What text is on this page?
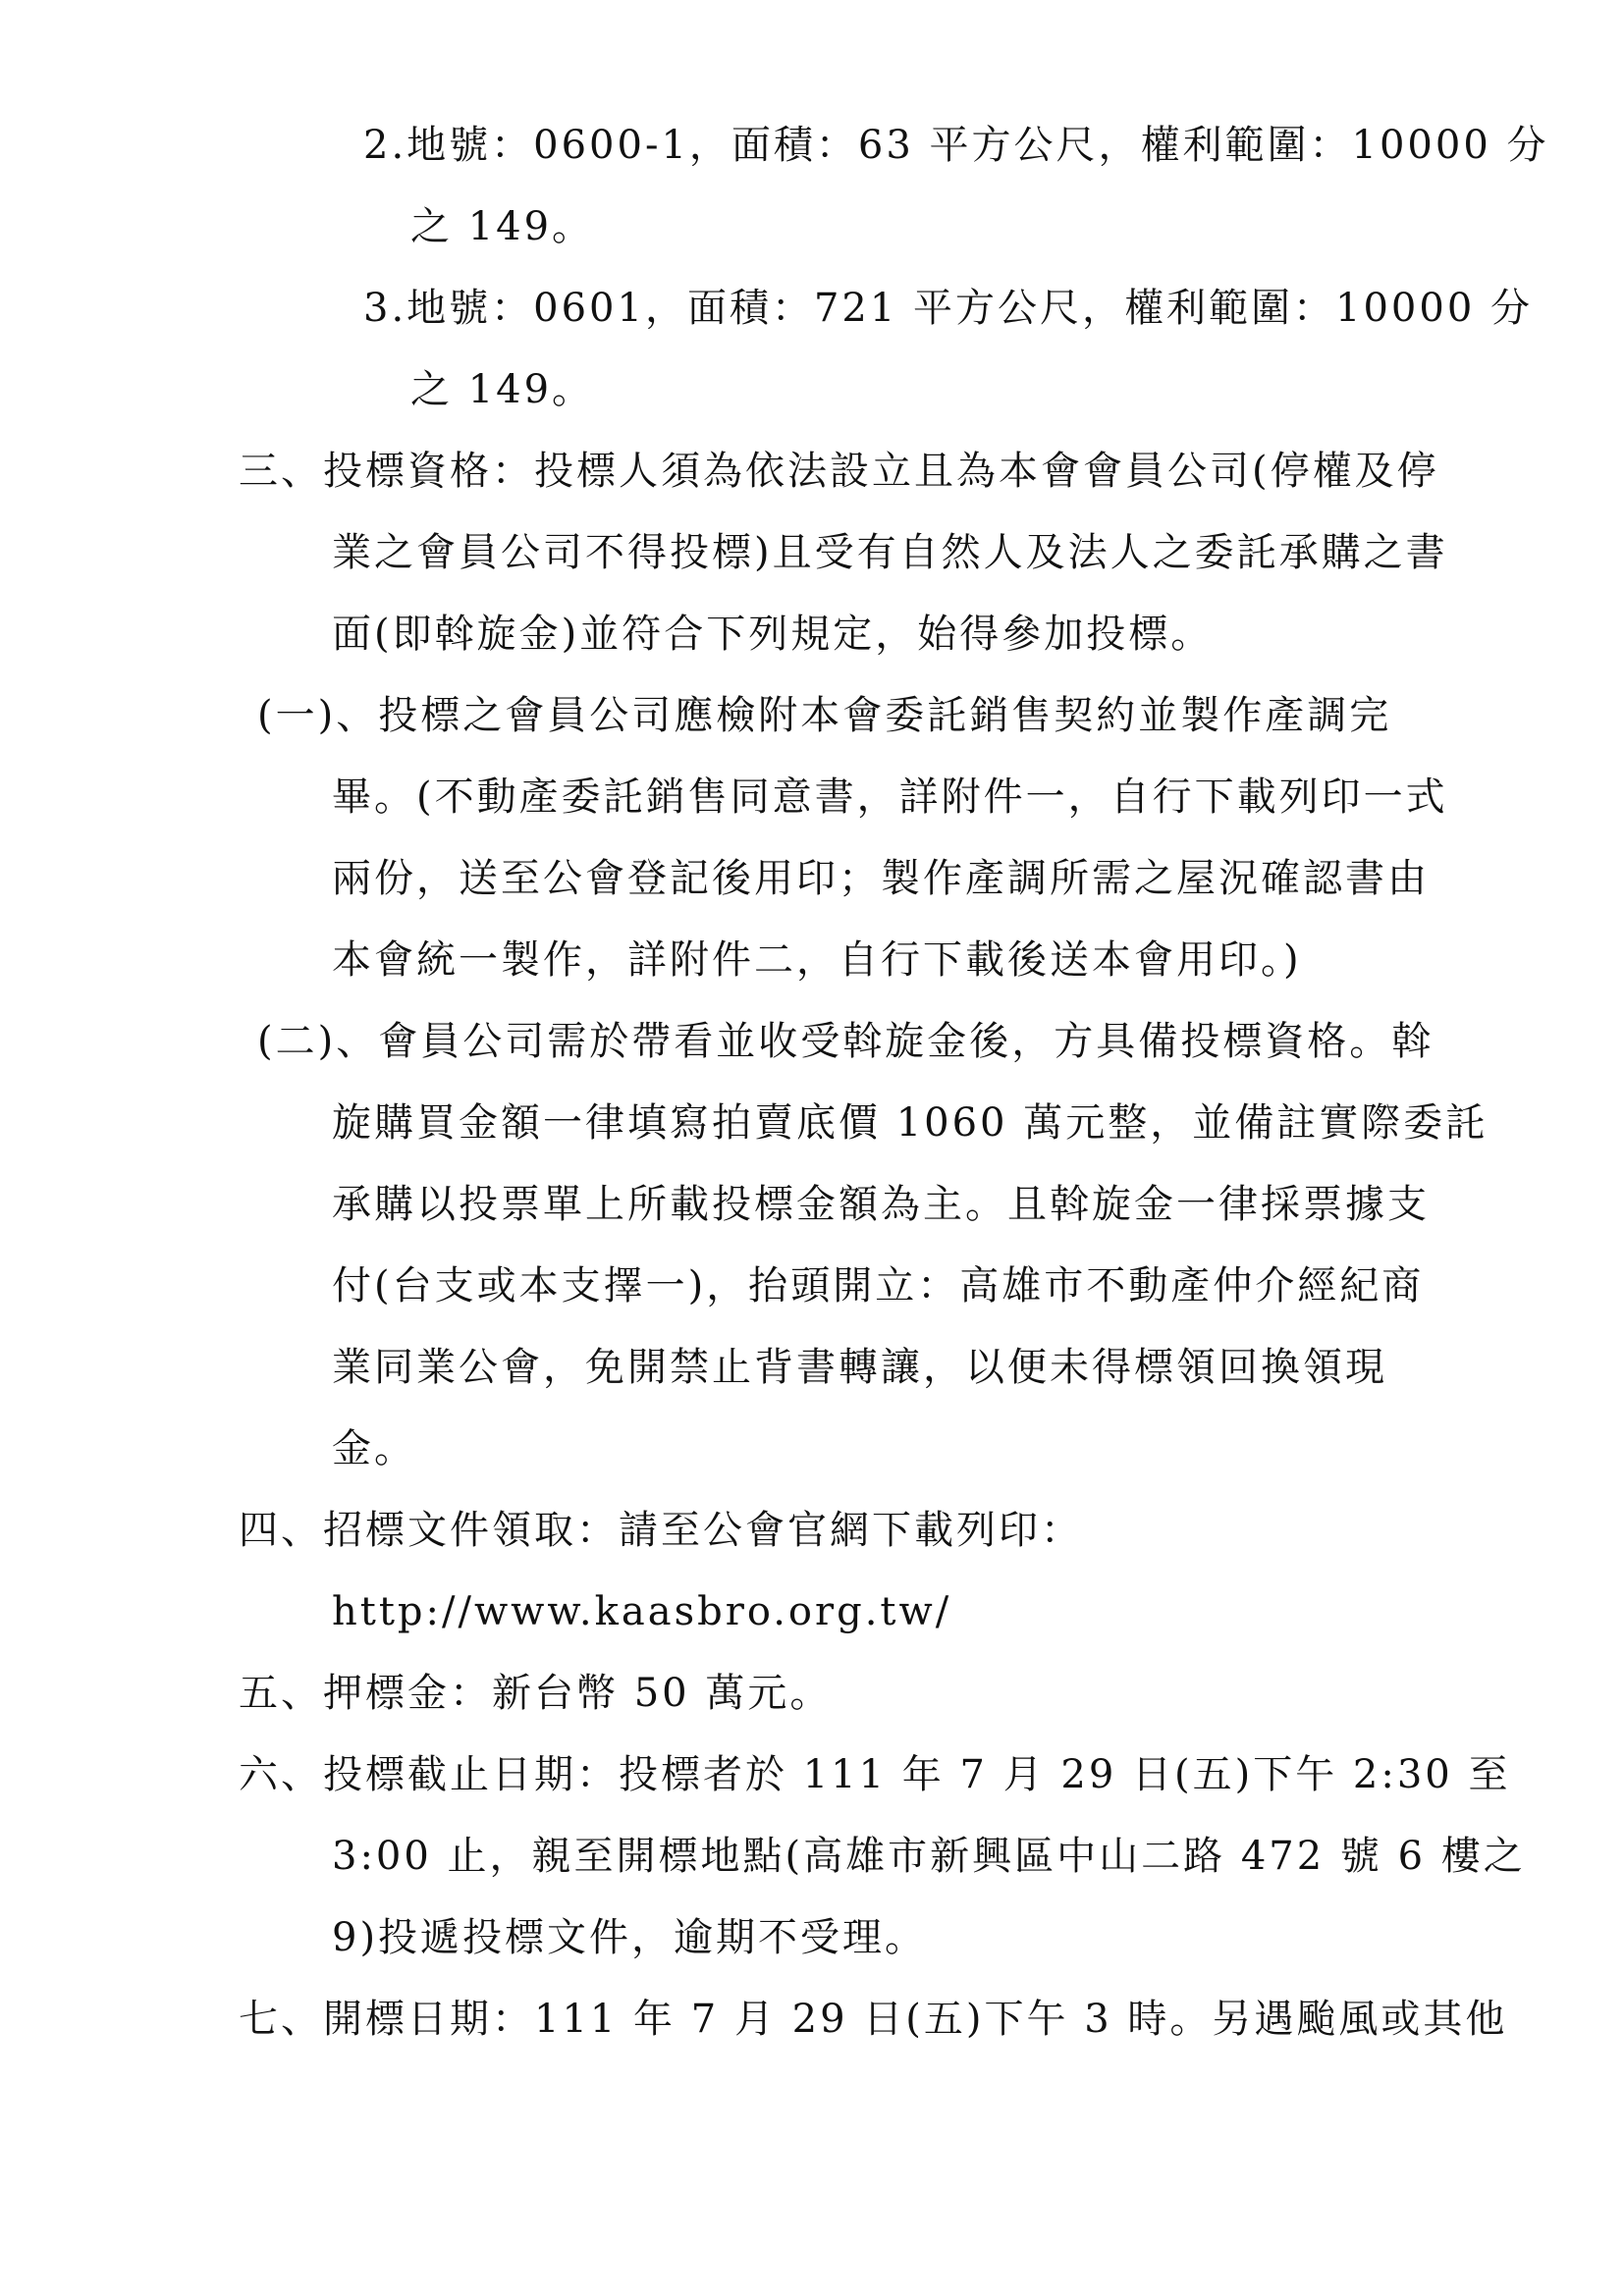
2.地號：0600-1，面積：63 平方公尺，權利範圍：10000 分
之 149。
3.地號：0601，面積：721 平方公尺，權利範圍：10000 分
之 149。
三、投標資格：投標人須為依法設立且為本會會員公司(停權及停
業之會員公司不得投標)且受有自然人及法人之委託承購之書
面(即斡旋金)並符合下列規定，始得參加投標。
(一)、投標之會員公司應檢附本會委託銷售契約並製作產調完
畢。(不動產委託銷售同意書，詳附件一，自行下載列印一式
兩份，送至公會登記後用印；製作產調所需之屋況確認書由
本會統一製作，詳附件二，自行下載後送本會用印。)
(二)、會員公司需於帶看並收受斡旋金後，方具備投標資格。斡
旋購買金額一律填寫拍賣底價 1060 萬元整，並備註實際委託
承購以投票單上所載投標金額為主。且斡旋金一律採票據支
付(台支或本支擇一)，抬頭開立：高雄市不動產仲介經紀商
業同業公會，免開禁止背書轉讓，以便未得標領回換領現
金。
四、招標文件領取：請至公會官網下載列印：
http://www.kaasbro.org.tw/
五、押標金：新台幣 50 萬元。
六、投標截止日期：投標者於 111 年 7 月 29 日(五)下午 2:30 至
3:00 止，親至開標地點(高雄市新興區中山二路 472 號 6 樓之
9)投遞投標文件，逾期不受理。
七、開標日期：111 年 7 月 29 日(五)下午 3 時。另遇颱風或其他
